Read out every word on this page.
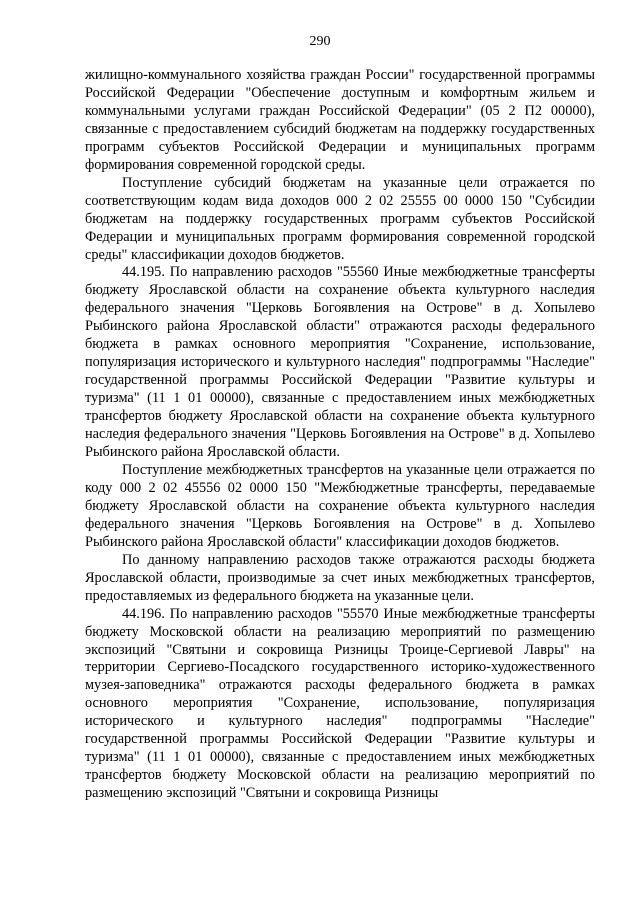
290

жилищно-коммунального хозяйства граждан России" государственной программы Российской Федерации "Обеспечение доступным и комфортным жильем и коммунальными услугами граждан Российской Федерации" (05 2 П2 00000), связанные с предоставлением субсидий бюджетам на поддержку государственных программ субъектов Российской Федерации и муниципальных программ формирования современной городской среды.

Поступление субсидий бюджетам на указанные цели отражается по соответствующим кодам вида доходов 000 2 02 25555 00 0000 150 "Субсидии бюджетам на поддержку государственных программ субъектов Российской Федерации и муниципальных программ формирования современной городской среды" классификации доходов бюджетов.

44.195. По направлению расходов "55560 Иные межбюджетные трансферты бюджету Ярославской области на сохранение объекта культурного наследия федерального значения "Церковь Богоявления на Острове" в д. Хопылево Рыбинского района Ярославской области" отражаются расходы федерального бюджета в рамках основного мероприятия "Сохранение, использование, популяризация исторического и культурного наследия" подпрограммы "Наследие" государственной программы Российской Федерации "Развитие культуры и туризма" (11 1 01 00000), связанные с предоставлением иных межбюджетных трансфертов бюджету Ярославской области на сохранение объекта культурного наследия федерального значения "Церковь Богоявления на Острове" в д. Хопылево Рыбинского района Ярославской области.

Поступление межбюджетных трансфертов на указанные цели отражается по коду 000 2 02 45556 02 0000 150 "Межбюджетные трансферты, передаваемые бюджету Ярославской области на сохранение объекта культурного наследия федерального значения "Церковь Богоявления на Острове" в д. Хопылево Рыбинского района Ярославской области" классификации доходов бюджетов.

По данному направлению расходов также отражаются расходы бюджета Ярославской области, производимые за счет иных межбюджетных трансфертов, предоставляемых из федерального бюджета на указанные цели.

44.196. По направлению расходов "55570 Иные межбюджетные трансферты бюджету Московской области на реализацию мероприятий по размещению экспозиций "Святыни и сокровища Ризницы Троице-Сергиевой Лавры" на территории Сергиево-Посадского государственного историко-художественного музея-заповедника" отражаются расходы федерального бюджета в рамках основного мероприятия "Сохранение, использование, популяризация исторического и культурного наследия" подпрограммы "Наследие" государственной программы Российской Федерации "Развитие культуры и туризма" (11 1 01 00000), связанные с предоставлением иных межбюджетных трансфертов бюджету Московской области на реализацию мероприятий по размещению экспозиций "Святыни и сокровища Ризницы
